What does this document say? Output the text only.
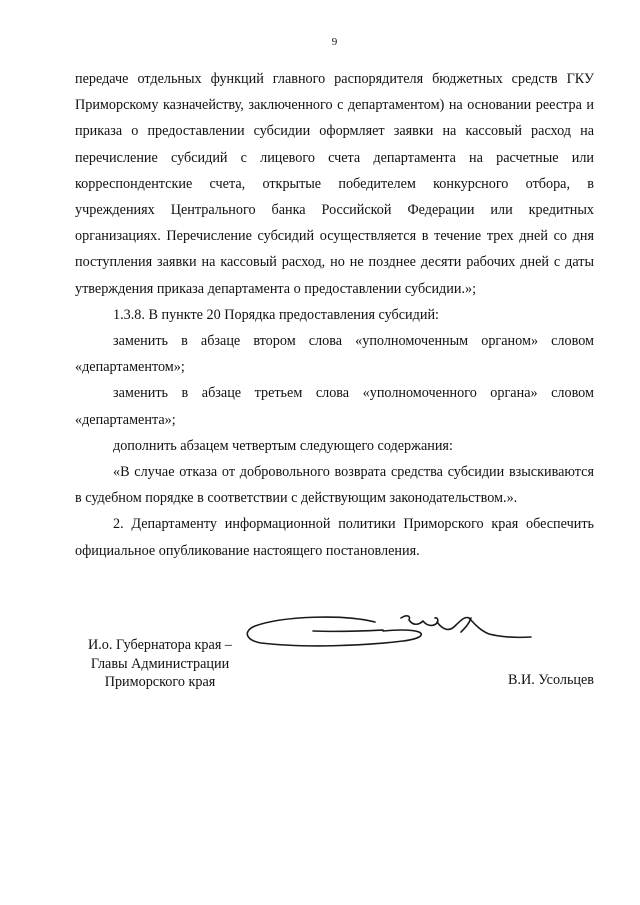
9

передаче отдельных функций главного распорядителя бюджетных средств ГКУ Приморскому казначейству, заключенного с департаментом) на основании реестра и приказа о предоставлении субсидии оформляет заявки на кассовый расход на перечисление субсидий с лицевого счета департамента на расчетные или корреспондентские счета, открытые победителем конкурсного отбора, в учреждениях Центрального банка Российской Федерации или кредитных организациях. Перечисление субсидий осуществляется в течение трех дней со дня поступления заявки на кассовый расход, но не позднее десяти рабочих дней с даты утверждения приказа департамента о предоставлении субсидии.»;

1.3.8. В пункте 20 Порядка предоставления субсидий:

заменить в абзаце втором слова «уполномоченным органом» словом «департаментом»;

заменить в абзаце третьем слова «уполномоченного органа» словом «департамента»;

дополнить абзацем четвертым следующего содержания:

«В случае отказа от добровольного возврата средства субсидии взыскиваются в судебном порядке в соответствии с действующим законодательством.».

2. Департаменту информационной политики Приморского края обеспечить официальное опубликование настоящего постановления.

И.о. Губернатора края –
Главы Администрации
Приморского края	В.И. Усольцев
